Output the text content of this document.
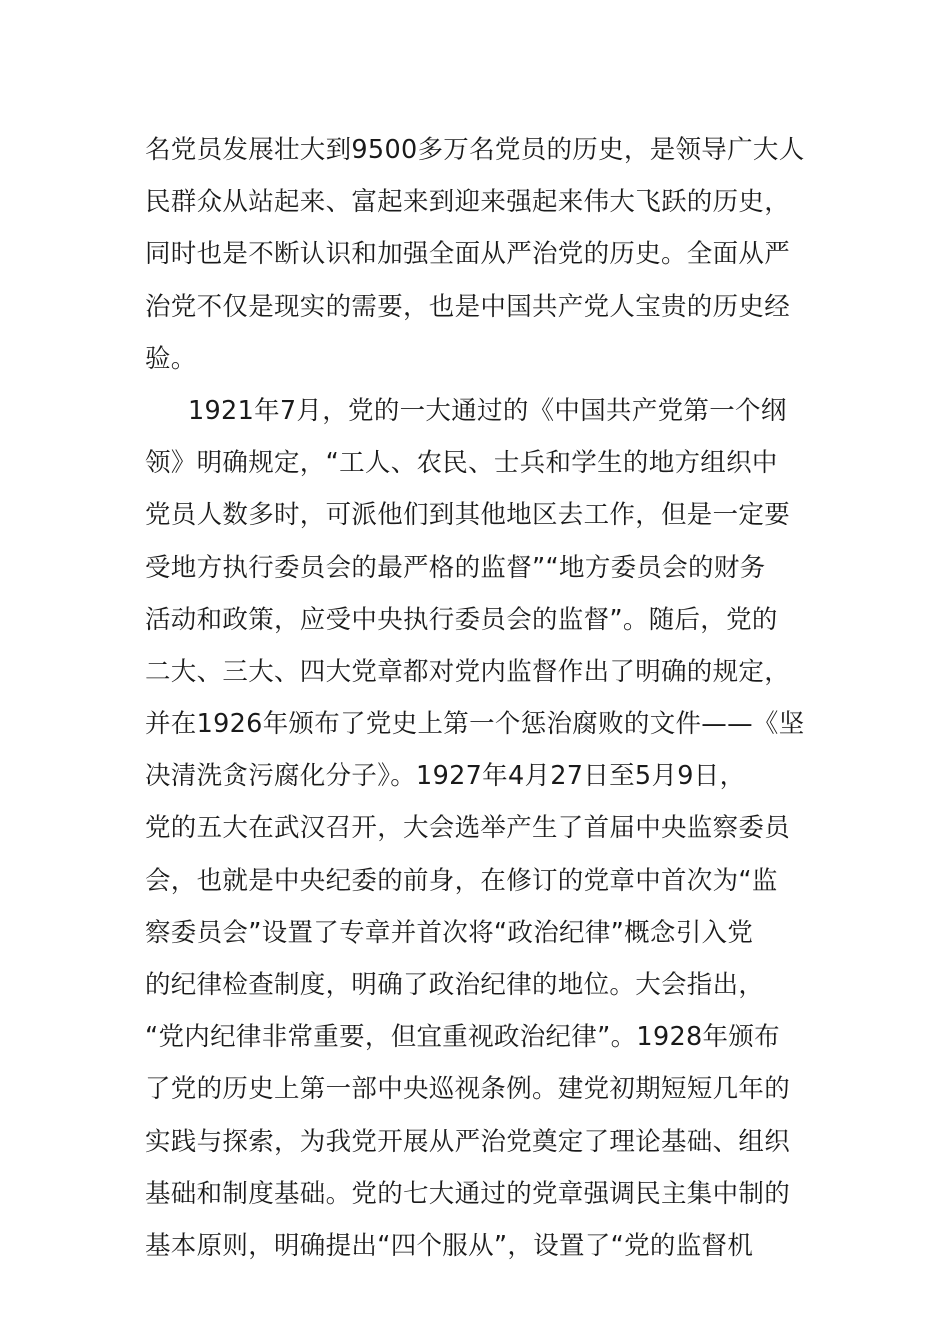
名党员发展壮大到9500多万名党员的历史，是领导广大人
民群众从站起来、富起来到迎来强起来伟大飞跃的历史，
同时也是不断认识和加强全面从严治党的历史。全面从严
治党不仅是现实的需要，也是中国共产党人宝贵的历史经
验。
1921年7月，党的一大通过的《中国共产党第一个纲
领》明确规定，“工人、农民、士兵和学生的地方组织中
党员人数多时，可派他们到其他地区去工作，但是一定要
受地方执行委员会的最严格的监督”“地方委员会的财务
活动和政策，应受中央执行委员会的监督”。随后，党的
二大、三大、四大党章都对党内监督作出了明确的规定，
并在1926年颁布了党史上第一个惩治腐败的文件——《坚
决清洗贪污腐化分子》。1927年4月27日至5月9日，
党的五大在武汉召开，大会选举产生了首届中央监察委员
会，也就是中央纪委的前身，在修订的党章中首次为“监
察委员会”设置了专章并首次将“政治纪律”概念引入党
的纪律检查制度，明确了政治纪律的地位。大会指出，
“党内纪律非常重要，但宜重视政治纪律”。1928年颁布
了党的历史上第一部中央巡视条例。建党初期短短几年的
实践与探索，为我党开展从严治党奠定了理论基础、组织
基础和制度基础。党的七大通过的党章强调民主集中制的
基本原则，明确提出“四个服从”，设置了“党的监督机
